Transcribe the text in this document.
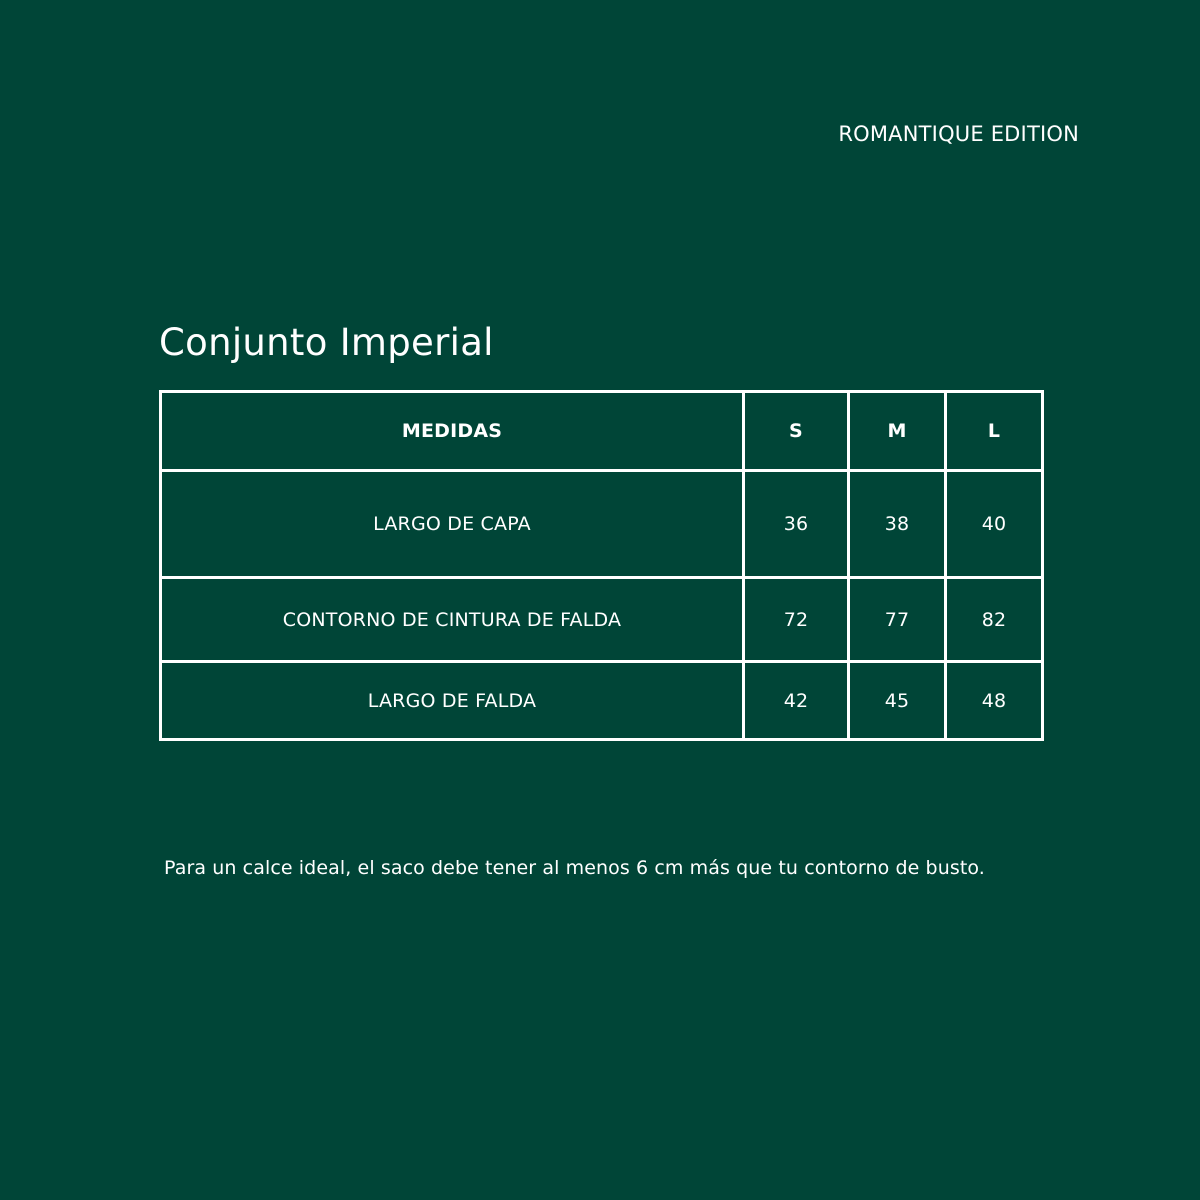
ROMANTIQUE EDITION
Conjunto Imperial
MEDIDAS	S	M	L
LARGO DE CAPA	36	38	40
CONTORNO DE CINTURA DE FALDA	72	77	82
LARGO DE FALDA	42	45	48
Para un calce ideal, el saco debe tener al menos 6 cm más que tu contorno de busto.
